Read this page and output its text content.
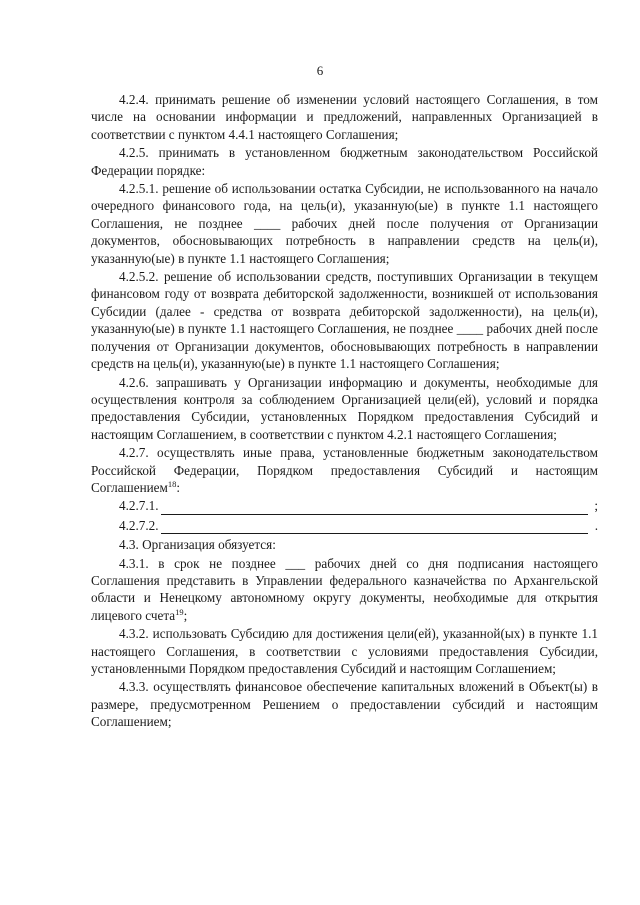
6

4.2.4. принимать решение об изменении условий настоящего Соглашения, в том числе на основании информации и предложений, направленных Организацией в соответствии с пунктом 4.4.1 настоящего Соглашения;

4.2.5. принимать в установленном бюджетным законодательством Российской Федерации порядке:

4.2.5.1. решение об использовании остатка Субсидии, не использованного на начало очередного финансового года, на цель(и), указанную(ые) в пункте 1.1 настоящего Соглашения, не позднее ____ рабочих дней после получения от Организации документов, обосновывающих потребность в направлении средств на цель(и), указанную(ые) в пункте 1.1 настоящего Соглашения;

4.2.5.2. решение об использовании средств, поступивших Организации в текущем финансовом году от возврата дебиторской задолженности, возникшей от использования Субсидии (далее - средства от возврата дебиторской задолженности), на цель(и), указанную(ые) в пункте 1.1 настоящего Соглашения, не позднее ____ рабочих дней после получения от Организации документов, обосновывающих потребность в направлении средств на цель(и), указанную(ые) в пункте 1.1 настоящего Соглашения;

4.2.6. запрашивать у Организации информацию и документы, необходимые для осуществления контроля за соблюдением Организацией цели(ей), условий и порядка предоставления Субсидии, установленных Порядком предоставления Субсидий и настоящим Соглашением, в соответствии с пунктом 4.2.1 настоящего Соглашения;

4.2.7. осуществлять иные права, установленные бюджетным законодательством Российской Федерации, Порядком предоставления Субсидий и настоящим Соглашением$^{18}$:

4.2.7.1.	;
4.2.7.2.	.

4.3. Организация обязуется:

4.3.1. в срок не позднее ___ рабочих дней со дня подписания настоящего Соглашения представить в Управлении федерального казначейства по Архангельской области и Ненецкому автономному округу документы, необходимые для открытия лицевого счета$^{19}$;

4.3.2. использовать Субсидию для достижения цели(ей), указанной(ых) в пункте 1.1 настоящего Соглашения, в соответствии с условиями предоставления Субсидии, установленными Порядком предоставления Субсидий и настоящим Соглашением;

4.3.3. осуществлять финансовое обеспечение капитальных вложений в Объект(ы) в размере, предусмотренном Решением о предоставлении субсидий и настоящим Соглашением;
